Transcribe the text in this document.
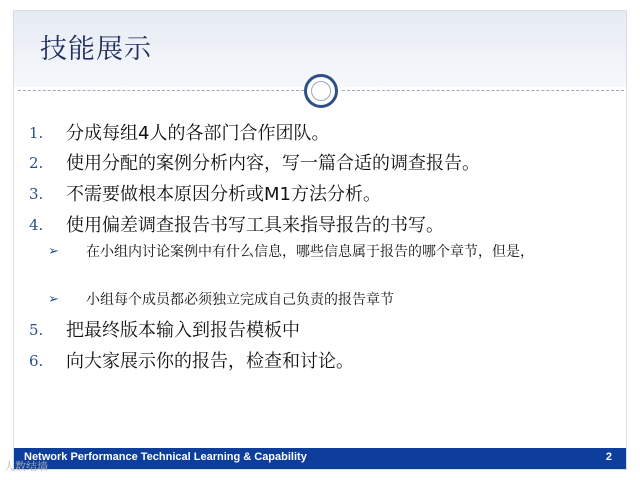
技能展示
1. 分成每组4人的各部门合作团队。
2. 使用分配的案例分析内容，写一篇合适的调查报告。
3. 不需要做根本原因分析或M1方法分析。
4. 使用偏差调查报告书写工具来指导报告的书写。
➢ 在小组内讨论案例中有什么信息，哪些信息属于报告的哪个章节，但是，
➢ 小组每个成员都必须独立完成自己负责的报告章节
5. 把最终版本输入到报告模板中
6. 向大家展示你的报告，检查和讨论。
Network Performance Technical Learning & Capability	2
人数结墙
